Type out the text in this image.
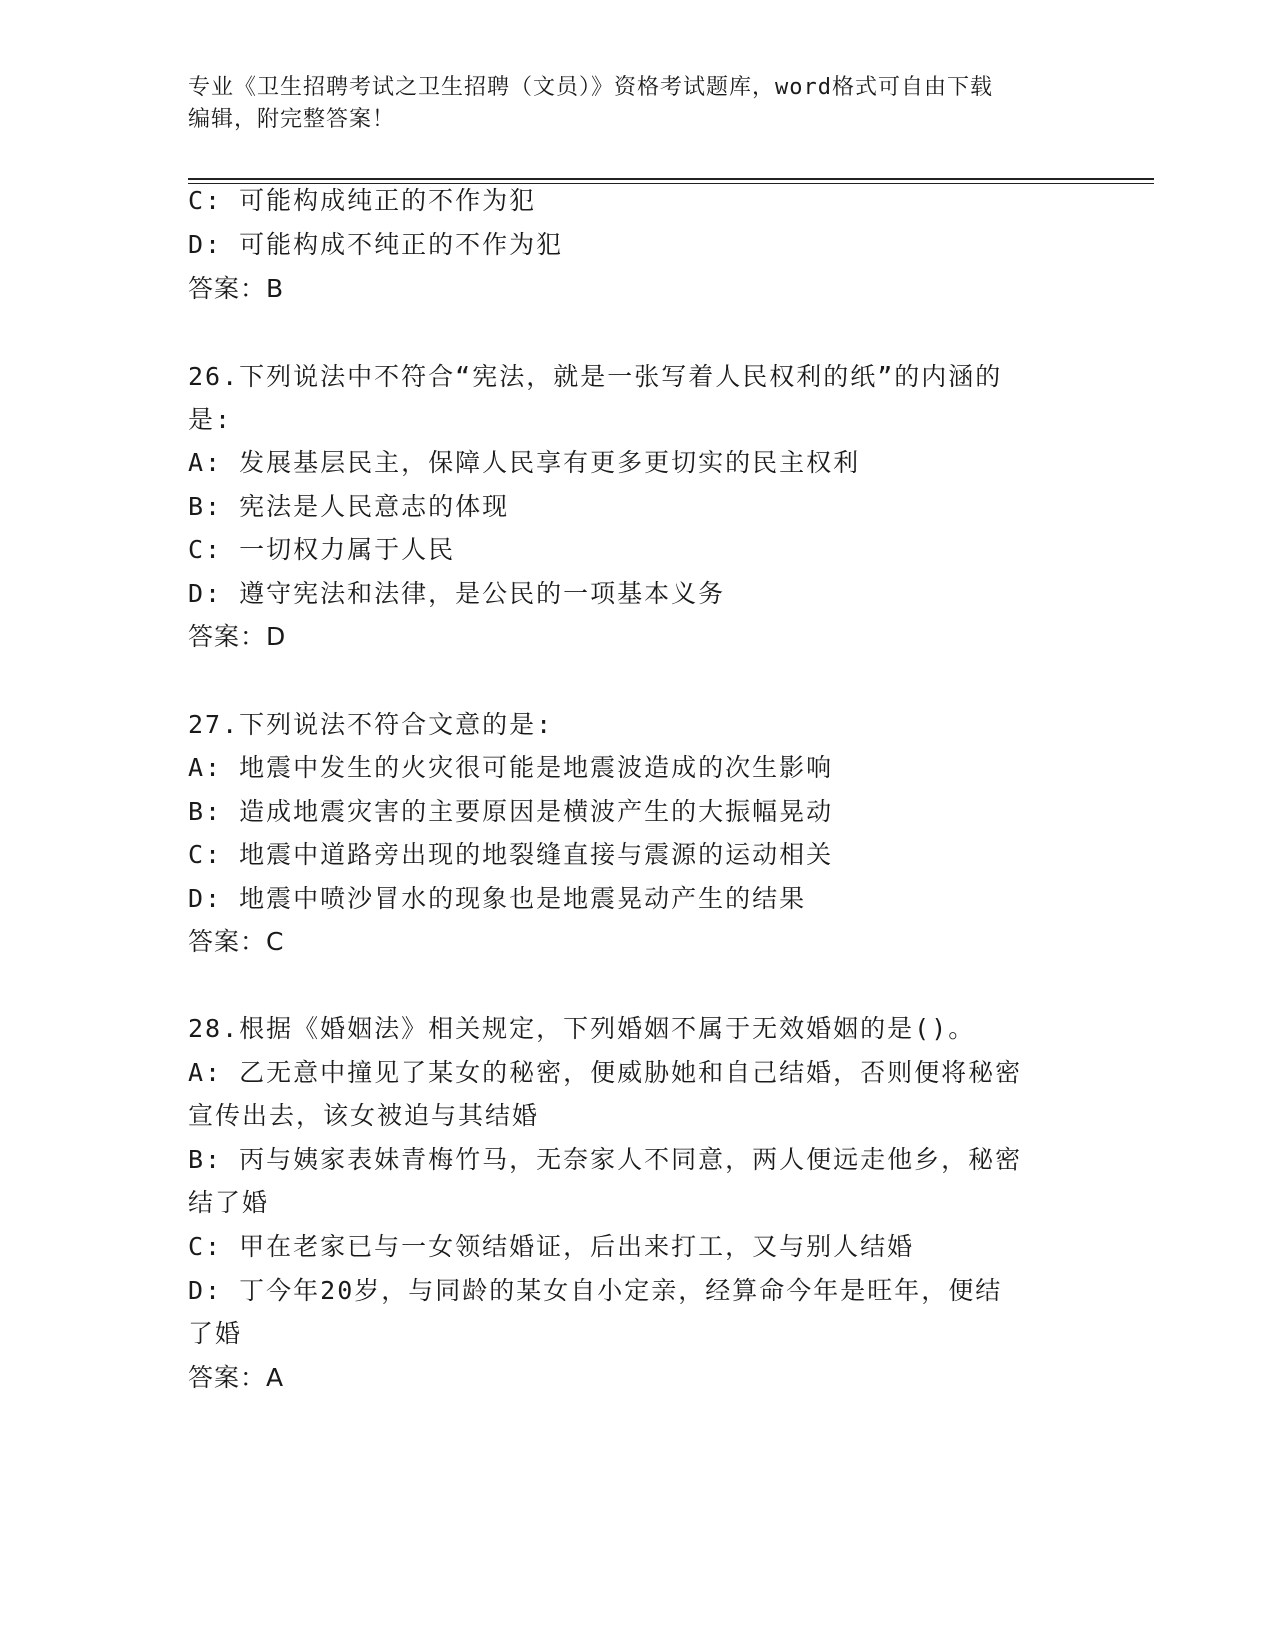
专业《卫生招聘考试之卫生招聘（文员）》资格考试题库，word格式可自由下载
编辑，附完整答案！
C: 可能构成纯正的不作为犯
D: 可能构成不纯正的不作为犯
答案：B
26.下列说法中不符合“宪法，就是一张写着人民权利的纸”的内涵的
是:
A: 发展基层民主，保障人民享有更多更切实的民主权利
B: 宪法是人民意志的体现
C: 一切权力属于人民
D: 遵守宪法和法律，是公民的一项基本义务
答案：D
27.下列说法不符合文意的是:
A: 地震中发生的火灾很可能是地震波造成的次生影响
B: 造成地震灾害的主要原因是横波产生的大振幅晃动
C: 地震中道路旁出现的地裂缝直接与震源的运动相关
D: 地震中喷沙冒水的现象也是地震晃动产生的结果
答案：C
28.根据《婚姻法》相关规定，下列婚姻不属于无效婚姻的是()。
A: 乙无意中撞见了某女的秘密，便威胁她和自己结婚，否则便将秘密
宣传出去，该女被迫与其结婚
B: 丙与姨家表妹青梅竹马，无奈家人不同意，两人便远走他乡，秘密
结了婚
C: 甲在老家已与一女领结婚证，后出来打工，又与别人结婚
D: 丁今年20岁，与同龄的某女自小定亲，经算命今年是旺年，便结
了婚
答案：A
